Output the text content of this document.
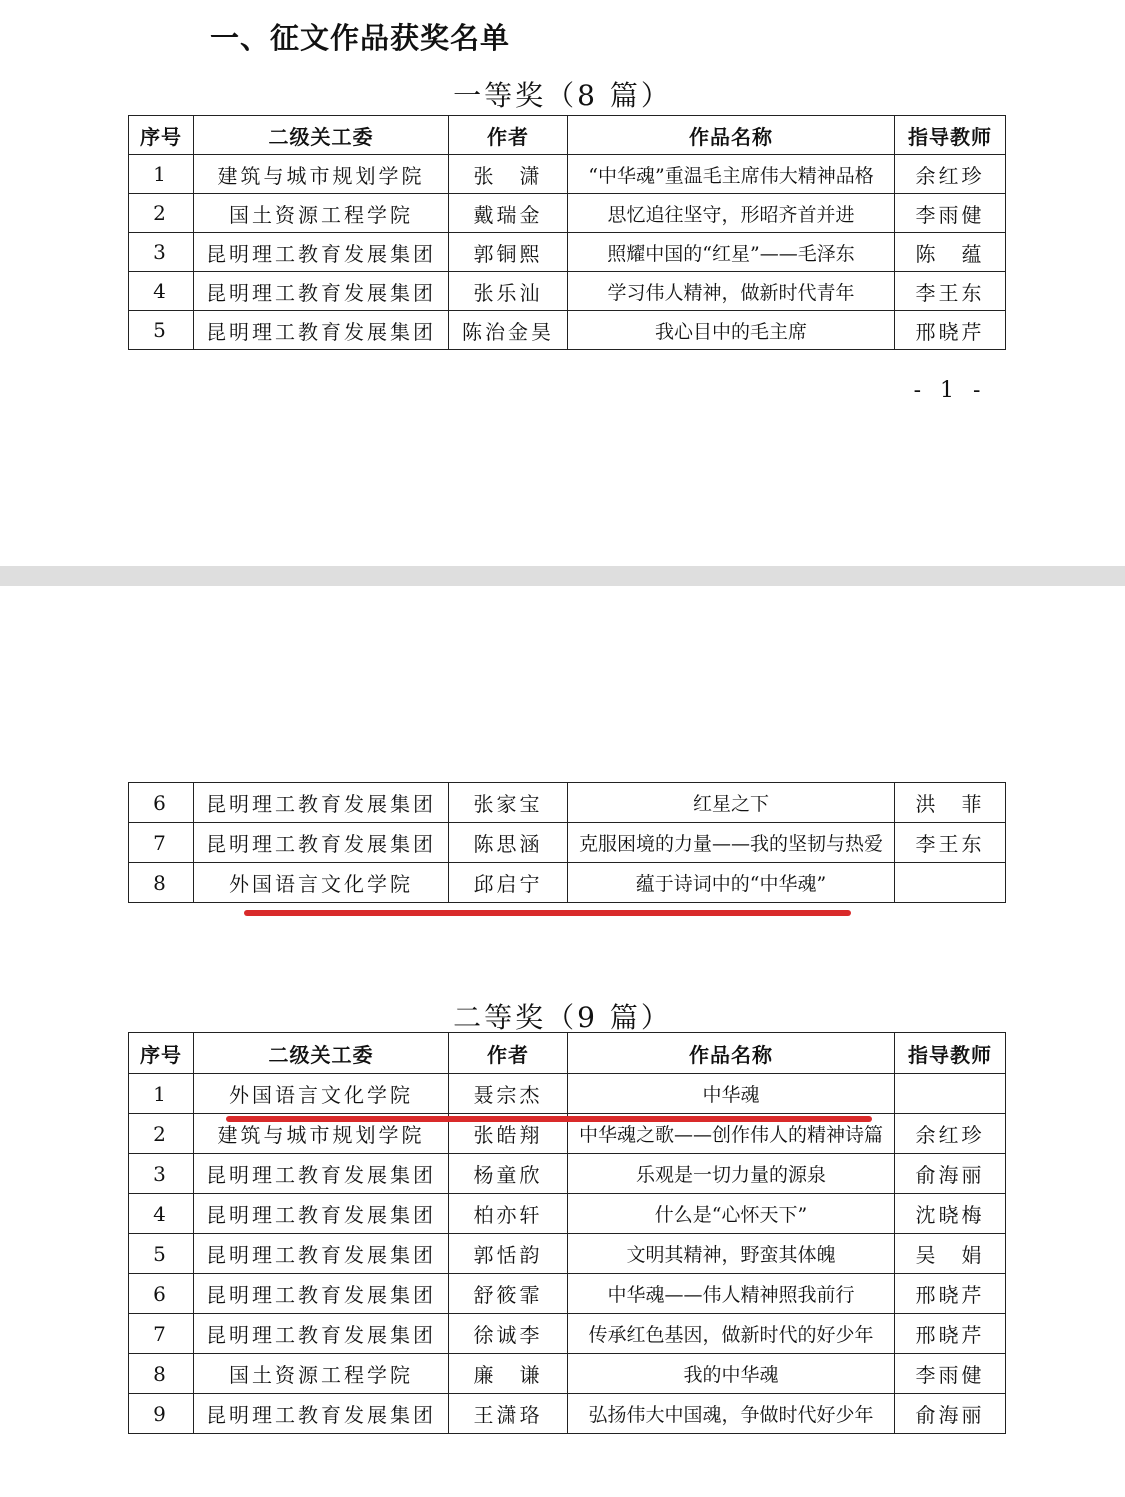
一、征文作品获奖名单
一等奖（8 篇）
序号	二级关工委	作者	作品名称	指导教师
1	建筑与城市规划学院	张　潇	“中华魂”重温毛主席伟大精神品格	余红珍
2	国土资源工程学院	戴瑞金	思忆追往坚守，形昭齐首并进	李雨健
3	昆明理工教育发展集团	郭铜熙	照耀中国的“红星”——毛泽东	陈　蕴
4	昆明理工教育发展集团	张乐汕	学习伟人精神，做新时代青年	李王东
5	昆明理工教育发展集团	陈治金昊	我心目中的毛主席	邢晓芹
- 1 -
6	昆明理工教育发展集团	张家宝	红星之下	洪　菲
7	昆明理工教育发展集团	陈思涵	克服困境的力量——我的坚韧与热爱	李王东
8	外国语言文化学院	邱启宁	蕴于诗词中的“中华魂”	
二等奖（9 篇）
序号	二级关工委	作者	作品名称	指导教师
1	外国语言文化学院	聂宗杰	中华魂	
2	建筑与城市规划学院	张皓翔	中华魂之歌——创作伟人的精神诗篇	余红珍
3	昆明理工教育发展集团	杨童欣	乐观是一切力量的源泉	俞海丽
4	昆明理工教育发展集团	柏亦轩	什么是“心怀天下”	沈晓梅
5	昆明理工教育发展集团	郭恬韵	文明其精神，野蛮其体魄	吴　娟
6	昆明理工教育发展集团	舒筱霏	中华魂——伟人精神照我前行	邢晓芹
7	昆明理工教育发展集团	徐诚李	传承红色基因，做新时代的好少年	邢晓芹
8	国土资源工程学院	廉　谦	我的中华魂	李雨健
9	昆明理工教育发展集团	王潇珞	弘扬伟大中国魂，争做时代好少年	俞海丽
